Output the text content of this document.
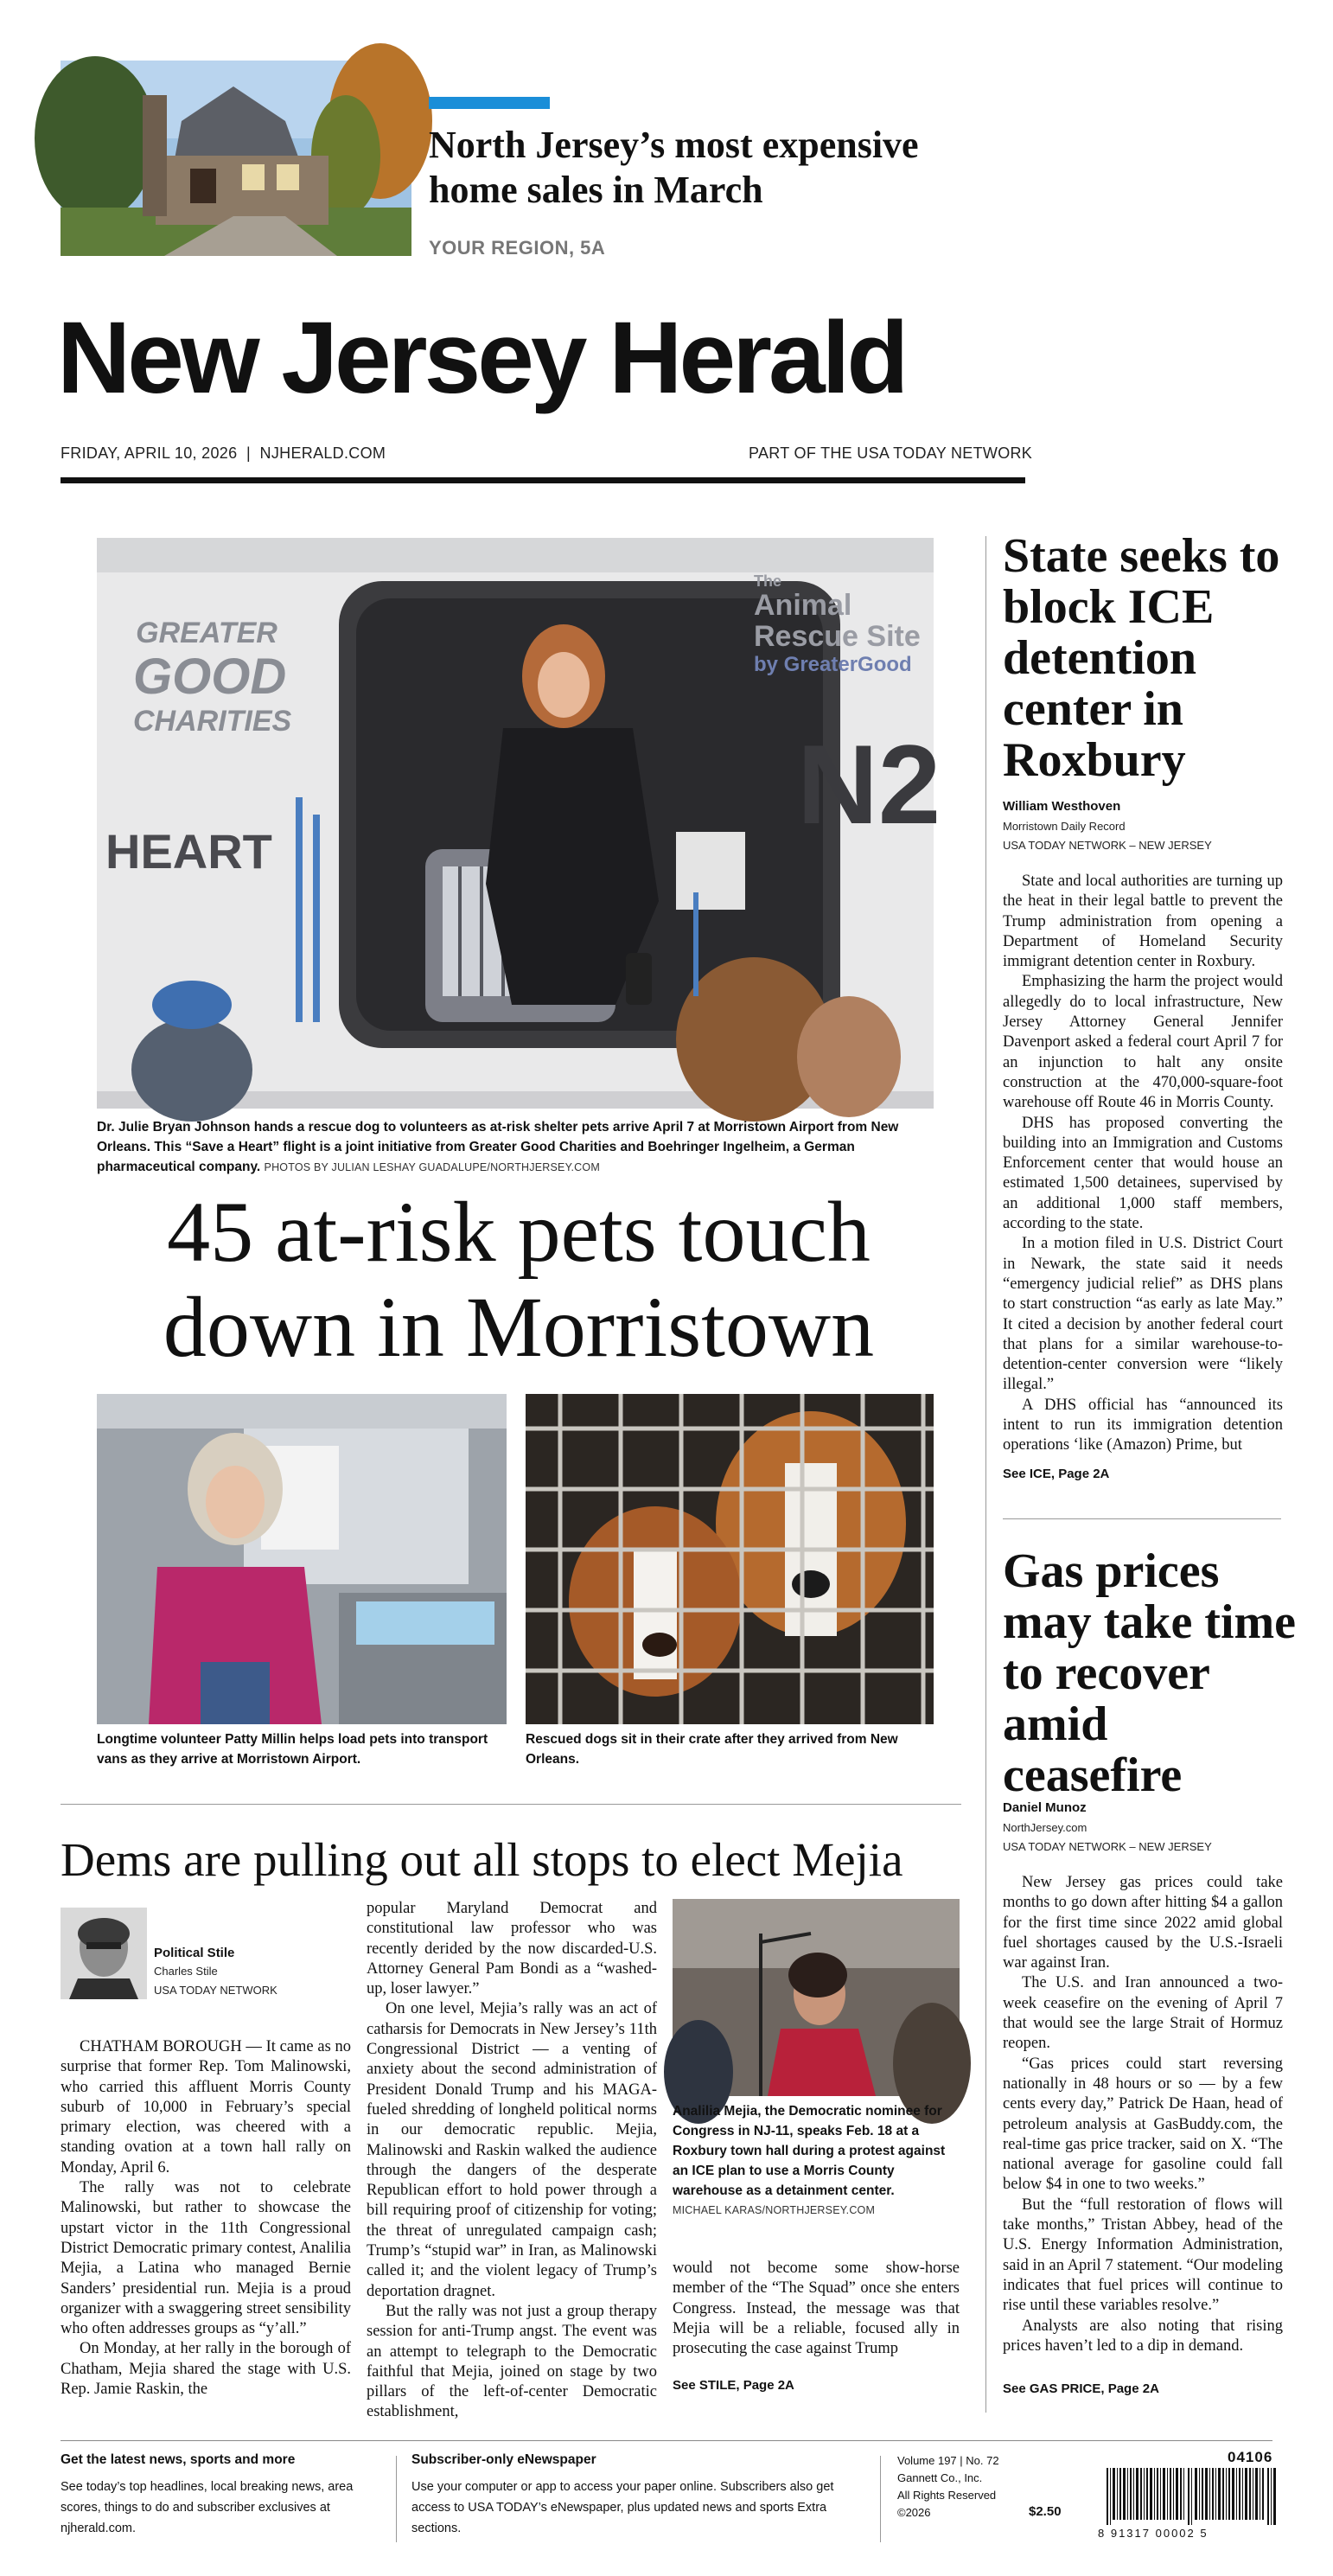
North Jersey’s most expensive
home sales in March
YOUR REGION, 5A
New Jersey Herald
FRIDAY, APRIL 10, 2026  |  NJHERALD.COM	PART OF THE USA TODAY NETWORK
GREATER
GOOD
CHARITIES
HEART
The
Animal
Rescue Site
by GreaterGood
N2
Dr. Julie Bryan Johnson hands a rescue dog to volunteers as at-risk shelter pets arrive April 7 at Morristown Airport from New Orleans. This “Save a Heart” flight is a joint initiative from Greater Good Charities and Boehringer Ingelheim, a German pharmaceutical company. PHOTOS BY JULIAN LESHAY GUADALUPE/NORTHJERSEY.COM
45 at-risk pets touch
down in Morristown
Longtime volunteer Patty Millin helps load pets into transport vans as they arrive at Morristown Airport.
Rescued dogs sit in their crate after they arrived from New Orleans.
State seeks to block ICE detention center in Roxbury
William Westhoven
Morristown Daily Record
USA TODAY NETWORK – NEW JERSEY

State and local authorities are turning up the heat in their legal battle to prevent the Trump administration from opening a Department of Homeland Security immigrant detention center in Roxbury.

Emphasizing the harm the project would allegedly do to local infrastructure, New Jersey Attorney General Jennifer Davenport asked a federal court April 7 for an injunction to halt any onsite construction at the 470,000-square-foot warehouse off Route 46 in Morris County.

DHS has proposed converting the building into an Immigration and Customs Enforcement center that would house an estimated 1,500 detainees, supervised by an additional 1,000 staff members, according to the state.

In a motion filed in U.S. District Court in Newark, the state said it needs “emergency judicial relief” as DHS plans to start construction “as early as late May.” It cited a decision by another federal court that plans for a similar warehouse-to-detention-center conversion were “likely illegal.”

A DHS official has “announced its intent to run its immigration detention operations ‘like (Amazon) Prime, but

See ICE, Page 2A
Gas prices may take time to recover amid ceasefire
Daniel Munoz
NorthJersey.com
USA TODAY NETWORK – NEW JERSEY

New Jersey gas prices could take months to go down after hitting $4 a gallon for the first time since 2022 amid global fuel shortages caused by the U.S.-Israeli war against Iran.

The U.S. and Iran announced a two-week ceasefire on the evening of April 7 that would see the large Strait of Hormuz reopen.

“Gas prices could start reversing nationally in 48 hours or so — by a few cents every day,” Patrick De Haan, head of petroleum analysis at GasBuddy.com, the real-time gas price tracker, said on X. “The national average for gasoline could fall below $4 in one to two weeks.”

But the “full restoration of flows will take months,” Tristan Abbey, head of the U.S. Energy Information Administration, said in an April 7 statement. “Our modeling indicates that fuel prices will continue to rise until these variables resolve.”

Analysts are also noting that rising prices haven’t led to a dip in demand.

See GAS PRICE, Page 2A
Dems are pulling out all stops to elect Mejia
Political Stile
Charles Stile
USA TODAY NETWORK

CHATHAM BOROUGH — It came as no surprise that former Rep. Tom Malinowski, who carried this affluent Morris County suburb of 10,000 in February’s special primary election, was cheered with a standing ovation at a town hall rally on Monday, April 6.

The rally was not to celebrate Malinowski, but rather to showcase the upstart victor in the 11th Congressional District Democratic primary contest, Analilia Mejia, a Latina who managed Bernie Sanders’ presidential run. Mejia is a proud organizer with a swaggering street sensibility who often addresses groups as “y’all.”

On Monday, at her rally in the borough of Chatham, Mejia shared the stage with U.S. Rep. Jamie Raskin, the

popular Maryland Democrat and constitutional law professor who was recently derided by the now discarded-U.S. Attorney General Pam Bondi as a “washed-up, loser lawyer.”

On one level, Mejia’s rally was an act of catharsis for Democrats in New Jersey’s 11th Congressional District — a venting of anxiety about the second administration of President Donald Trump and his MAGA-fueled shredding of longheld political norms in our democratic republic. Mejia, Malinowski and Raskin walked the audience through the dangers of the desperate Republican effort to hold power through a bill requiring proof of citizenship for voting; the threat of unregulated campaign cash; Trump’s “stupid war” in Iran, as Malinowski called it; and the violent legacy of Trump’s deportation dragnet.

But the rally was not just a group therapy session for anti-Trump angst. The event was an attempt to telegraph to the Democratic faithful that Mejia, joined on stage by two pillars of the left-of-center Democratic establishment,

Analilia Mejia, the Democratic nominee for Congress in NJ-11, speaks Feb. 18 at a Roxbury town hall during a protest against an ICE plan to use a Morris County warehouse as a detainment center.
MICHAEL KARAS/NORTHJERSEY.COM

would not become some show-horse member of the “The Squad” once she enters Congress. Instead, the message was that Mejia will be a reliable, focused ally in prosecuting the case against Trump

See STILE, Page 2A
Get the latest news, sports and more
See today’s top headlines, local breaking news, area scores, things to do and subscriber exclusives at njherald.com.
Subscriber-only eNewspaper
Use your computer or app to access your paper online. Subscribers also get access to USA TODAY’s eNewspaper, plus updated news and sports Extra sections.
Volume 197 | No. 72
Gannett Co., Inc.
All Rights Reserved
©2026	$2.50
04106
8 91317 00002 5
